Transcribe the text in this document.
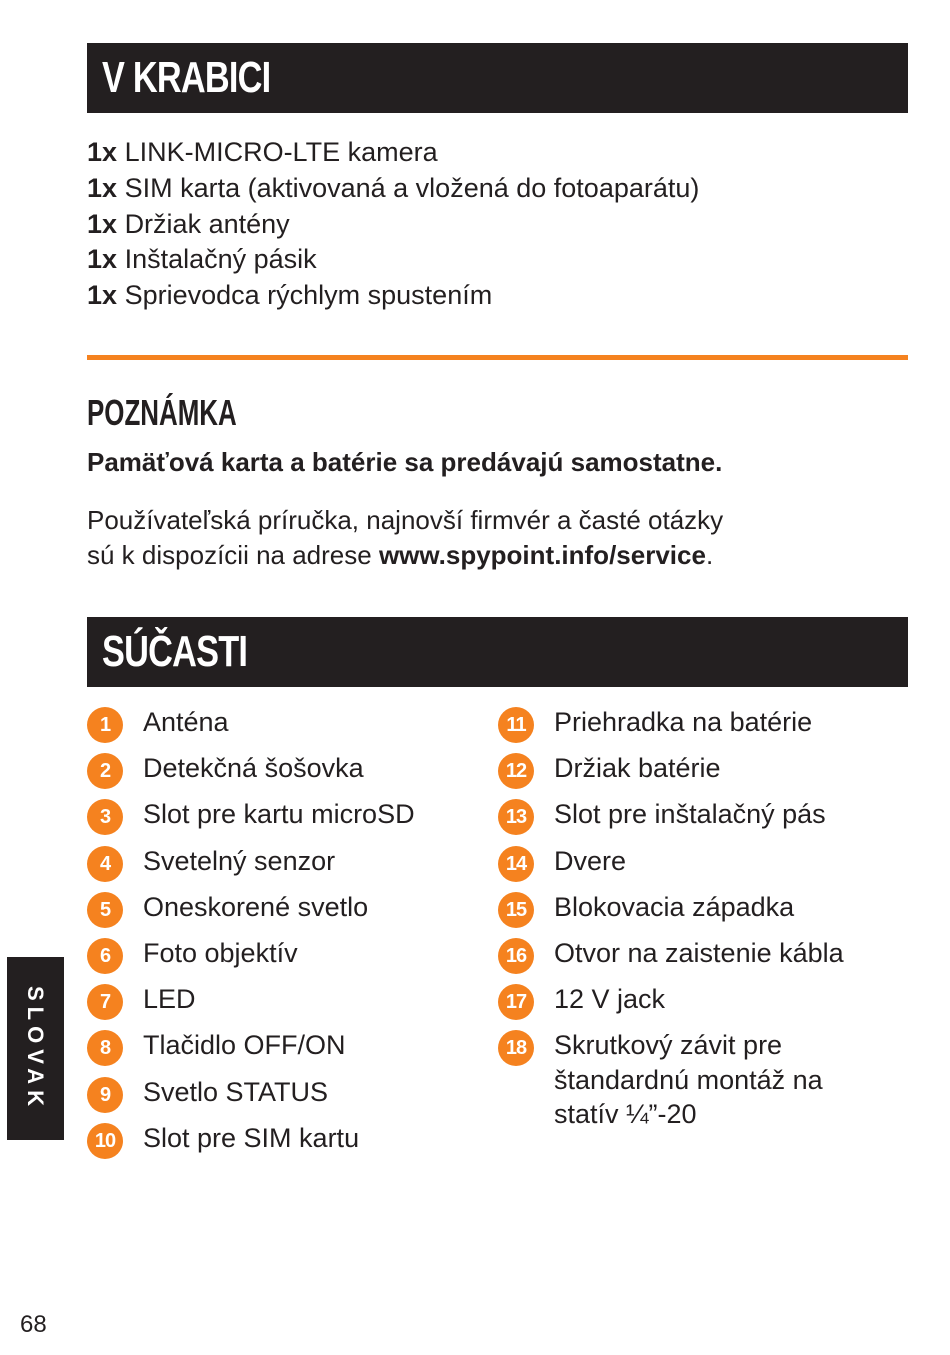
V KRABICI
1x LINK-MICRO-LTE kamera
1x SIM karta (aktivovaná a vložená do fotoaparátu)
1x Držiak antény
1x Inštalačný pásik
1x Sprievodca rýchlym spustením
POZNÁMKA
Pamäťová karta a batérie sa predávajú samostatne.
Používateľská príručka, najnovší firmvér a časté otázky
sú k dispozícii na adrese www.spypoint.info/service.
SÚČASTI
1	Anténa
2	Detekčná šošovka
3	Slot pre kartu microSD
4	Svetelný senzor
5	Oneskorené svetlo
6	Foto objektív
7	LED
8	Tlačidlo OFF/ON
9	Svetlo STATUS
10 Slot pre SIM kartu
11	Priehradka na batérie
12 Držiak batérie
13 Slot pre inštalačný pás
14 Dvere
15 Blokovacia západka
16 Otvor na zaistenie kábla
17 12 V jack
18 Skrutkový závit pre
štandardnú montáž na
statív ¼”-20
SLOVAK
68
